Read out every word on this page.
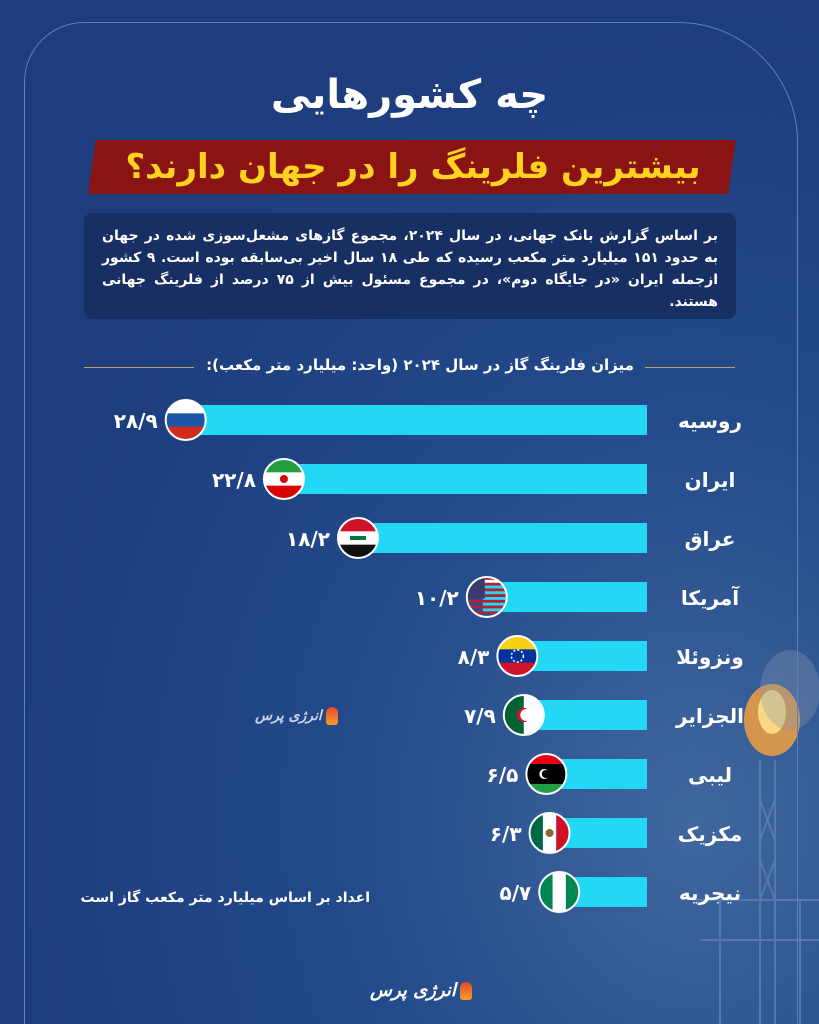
چه کشورهایی
بیشترین فلرینگ را در جهان دارند؟
بر اساس گزارش بانک جهانی، در سال ۲۰۲۴، مجموع گازهای مشعل‌سوزی شده در جهان به حدود ۱۵۱ میلیارد متر مکعب رسیده که طی ۱۸ سال اخیر بی‌سابقه بوده است. ۹ کشور ازجمله ایران «در جایگاه دوم»، در مجموع مسئول بیش از ۷۵ درصد از فلرینگ جهانی هستند.
میزان فلرینگ گاز در سال ۲۰۲۴ (واحد: میلیارد متر مکعب):
روسیه
۲۸/۹
ایران
۲۲/۸
عراق
۱۸/۲
آمریکا
۱۰/۲
ونزوئلا
۸/۳
الجزایر
۷/۹
لیبی
۶/۵
مکزیک
۶/۳
نیجریه
۵/۷
انرژی پرس
اعداد بر اساس میلیارد متر مکعب گاز است
انرژی پرس
